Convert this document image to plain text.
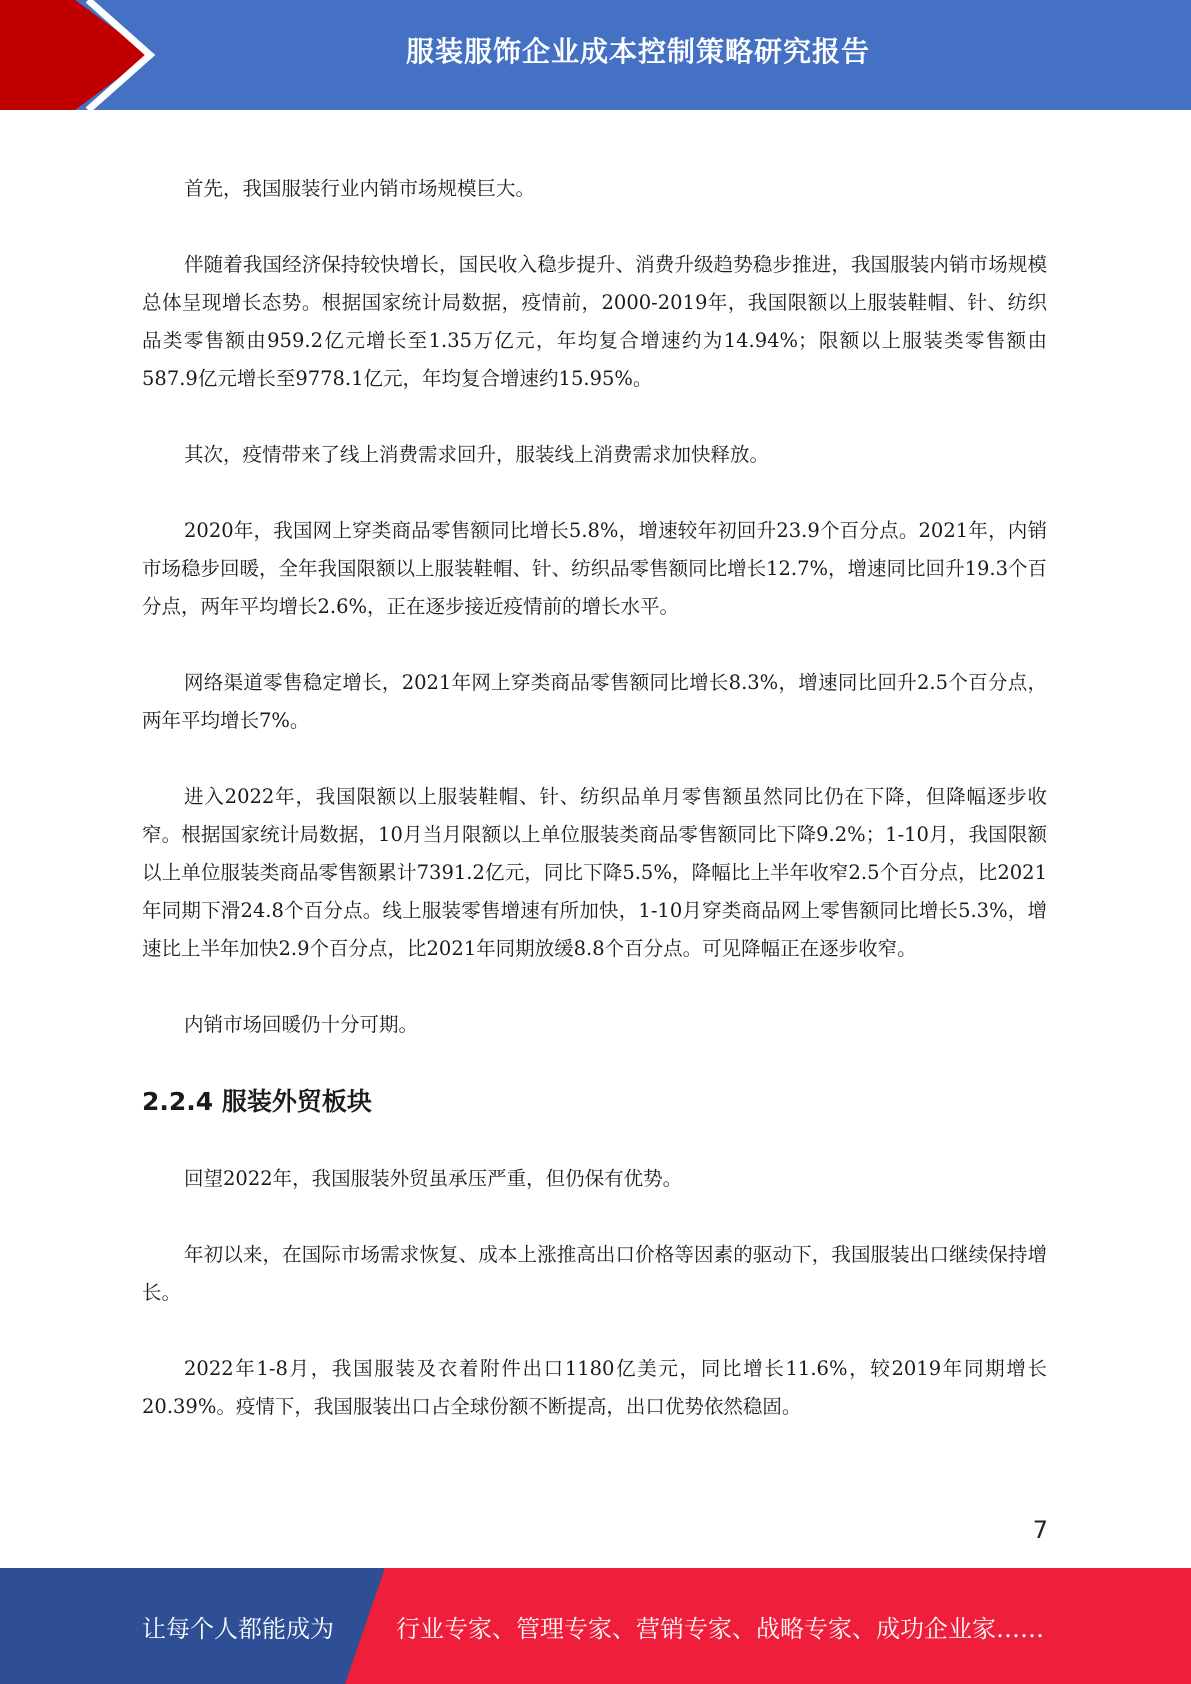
服装服饰企业成本控制策略研究报告

首先，我国服装行业内销市场规模巨大。

伴随着我国经济保持较快增长，国民收入稳步提升、消费升级趋势稳步推进，我国服装内销市场规模总体呈现增长态势。根据国家统计局数据，疫情前，2000-2019年，我国限额以上服装鞋帽、针、纺织品类零售额由959.2亿元增长至1.35万亿元，年均复合增速约为14.94%；限额以上服装类零售额由587.9亿元增长至9778.1亿元，年均复合增速约15.95%。

其次，疫情带来了线上消费需求回升，服装线上消费需求加快释放。

2020年，我国网上穿类商品零售额同比增长5.8%，增速较年初回升23.9个百分点。2021年，内销市场稳步回暖，全年我国限额以上服装鞋帽、针、纺织品零售额同比增长12.7%，增速同比回升19.3个百分点，两年平均增长2.6%，正在逐步接近疫情前的增长水平。

网络渠道零售稳定增长，2021年网上穿类商品零售额同比增长8.3%，增速同比回升2.5个百分点，两年平均增长7%。

进入2022年，我国限额以上服装鞋帽、针、纺织品单月零售额虽然同比仍在下降，但降幅逐步收窄。根据国家统计局数据，10月当月限额以上单位服装类商品零售额同比下降9.2%；1-10月，我国限额以上单位服装类商品零售额累计7391.2亿元，同比下降5.5%，降幅比上半年收窄2.5个百分点，比2021年同期下滑24.8个百分点。线上服装零售增速有所加快，1-10月穿类商品网上零售额同比增长5.3%，增速比上半年加快2.9个百分点，比2021年同期放缓8.8个百分点。可见降幅正在逐步收窄。

内销市场回暖仍十分可期。

2.2.4 服装外贸板块

回望2022年，我国服装外贸虽承压严重，但仍保有优势。

年初以来，在国际市场需求恢复、成本上涨推高出口价格等因素的驱动下，我国服装出口继续保持增长。

2022年1-8月，我国服装及衣着附件出口1180亿美元，同比增长11.6%，较2019年同期增长20.39%。疫情下，我国服装出口占全球份额不断提高，出口优势依然稳固。

7
让每个人都能成为	行业专家、管理专家、营销专家、战略专家、成功企业家……
